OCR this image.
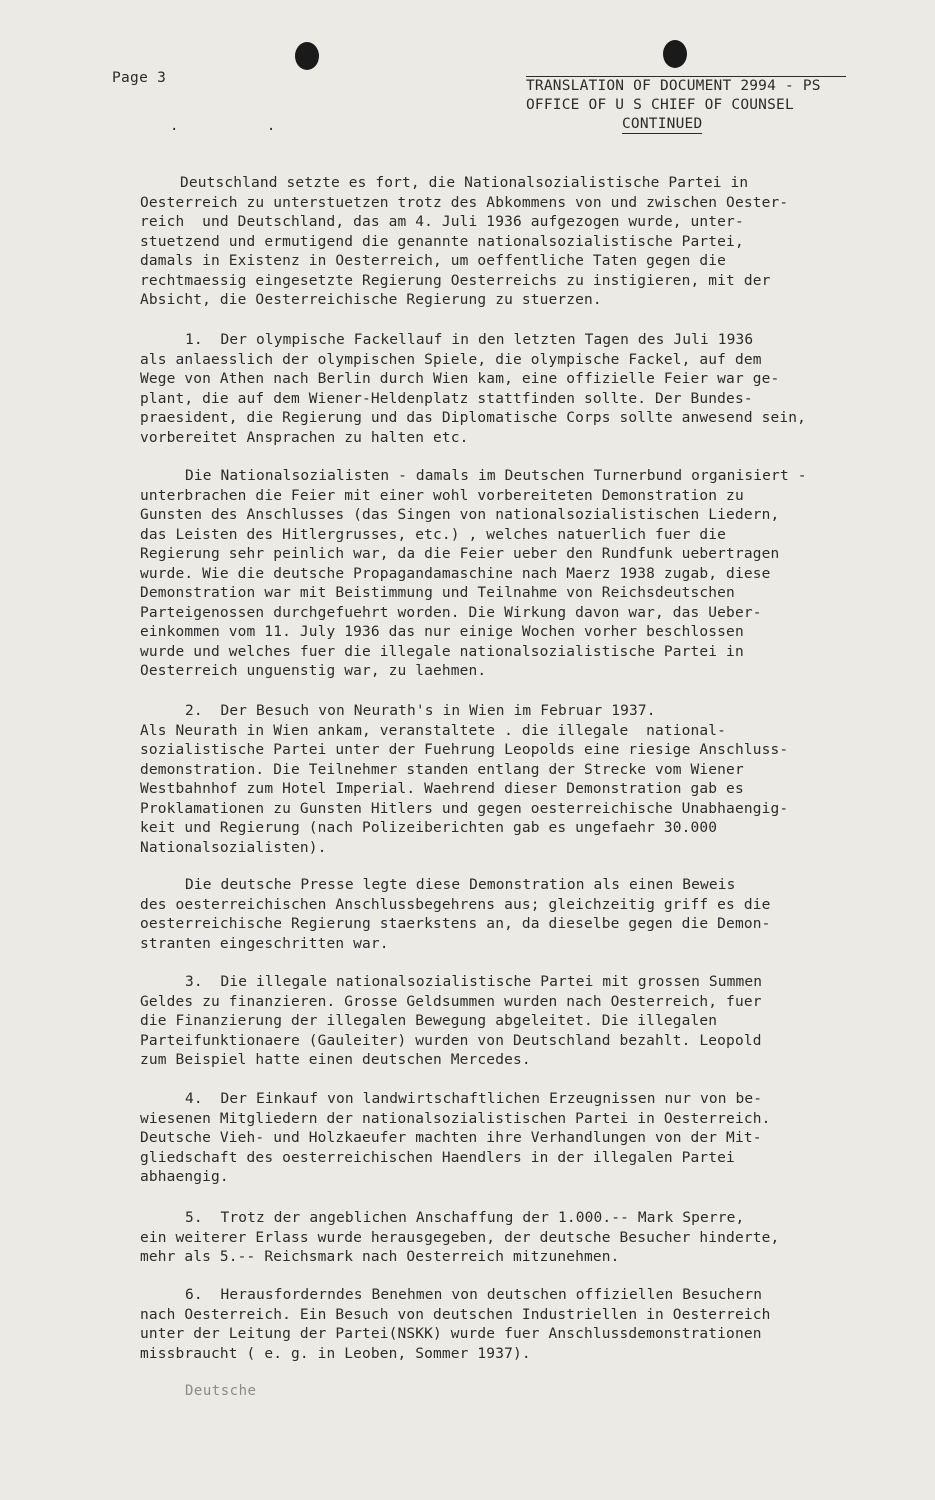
Page 3
. .
TRANSLATION OF DOCUMENT 2994 - PS
OFFICE OF U S CHIEF OF COUNSEL
CONTINUED
Deutschland setzte es fort, die Nationalsozialistische Partei in
Oesterreich zu unterstuetzen trotz des Abkommens von und zwischen Oester-
reich  und Deutschland, das am 4. Juli 1936 aufgezogen wurde, unter-
stuetzend und ermutigend die genannte nationalsozialistische Partei,
damals in Existenz in Oesterreich, um oeffentliche Taten gegen die
rechtmaessig eingesetzte Regierung Oesterreichs zu instigieren, mit der
Absicht, die Oesterreichische Regierung zu stuerzen.
1.  Der olympische Fackellauf in den letzten Tagen des Juli 1936
als anlaesslich der olympischen Spiele, die olympische Fackel, auf dem
Wege von Athen nach Berlin durch Wien kam, eine offizielle Feier war ge-
plant, die auf dem Wiener-Heldenplatz stattfinden sollte. Der Bundes-
praesident, die Regierung und das Diplomatische Corps sollte anwesend sein,
vorbereitet Ansprachen zu halten etc.
Die Nationalsozialisten - damals im Deutschen Turnerbund organisiert -
unterbrachen die Feier mit einer wohl vorbereiteten Demonstration zu
Gunsten des Anschlusses (das Singen von nationalsozialistischen Liedern,
das Leisten des Hitlergrusses, etc.) , welches natuerlich fuer die
Regierung sehr peinlich war, da die Feier ueber den Rundfunk uebertragen
wurde. Wie die deutsche Propagandamaschine nach Maerz 1938 zugab, diese
Demonstration war mit Beistimmung und Teilnahme von Reichsdeutschen
Parteigenossen durchgefuehrt worden. Die Wirkung davon war, das Ueber-
einkommen vom 11. July 1936 das nur einige Wochen vorher beschlossen
wurde und welches fuer die illegale nationalsozialistische Partei in
Oesterreich unguenstig war, zu laehmen.
2.  Der Besuch von Neurath's in Wien im Februar 1937.
Als Neurath in Wien ankam, veranstaltete . die illegale  national-
sozialistische Partei unter der Fuehrung Leopolds eine riesige Anschluss-
demonstration. Die Teilnehmer standen entlang der Strecke vom Wiener
Westbahnhof zum Hotel Imperial. Waehrend dieser Demonstration gab es
Proklamationen zu Gunsten Hitlers und gegen oesterreichische Unabhaengig-
keit und Regierung (nach Polizeiberichten gab es ungefaehr 30.000
Nationalsozialisten).
Die deutsche Presse legte diese Demonstration als einen Beweis
des oesterreichischen Anschlussbegehrens aus; gleichzeitig griff es die
oesterreichische Regierung staerkstens an, da dieselbe gegen die Demon-
stranten eingeschritten war.
3.  Die illegale nationalsozialistische Partei mit grossen Summen
Geldes zu finanzieren. Grosse Geldsummen wurden nach Oesterreich, fuer
die Finanzierung der illegalen Bewegung abgeleitet. Die illegalen
Parteifunktionaere (Gauleiter) wurden von Deutschland bezahlt. Leopold
zum Beispiel hatte einen deutschen Mercedes.
4.  Der Einkauf von landwirtschaftlichen Erzeugnissen nur von be-
wiesenen Mitgliedern der nationalsozialistischen Partei in Oesterreich.
Deutsche Vieh- und Holzkaeufer machten ihre Verhandlungen von der Mit-
gliedschaft des oesterreichischen Haendlers in der illegalen Partei
abhaengig.
5.  Trotz der angeblichen Anschaffung der 1.000.-- Mark Sperre,
ein weiterer Erlass wurde herausgegeben, der deutsche Besucher hinderte,
mehr als 5.-- Reichsmark nach Oesterreich mitzunehmen.
6.  Herausforderndes Benehmen von deutschen offiziellen Besuchern
nach Oesterreich. Ein Besuch von deutschen Industriellen in Oesterreich
unter der Leitung der Partei(NSKK) wurde fuer Anschlussdemonstrationen
missbraucht ( e. g. in Leoben, Sommer 1937).
Deutsche
